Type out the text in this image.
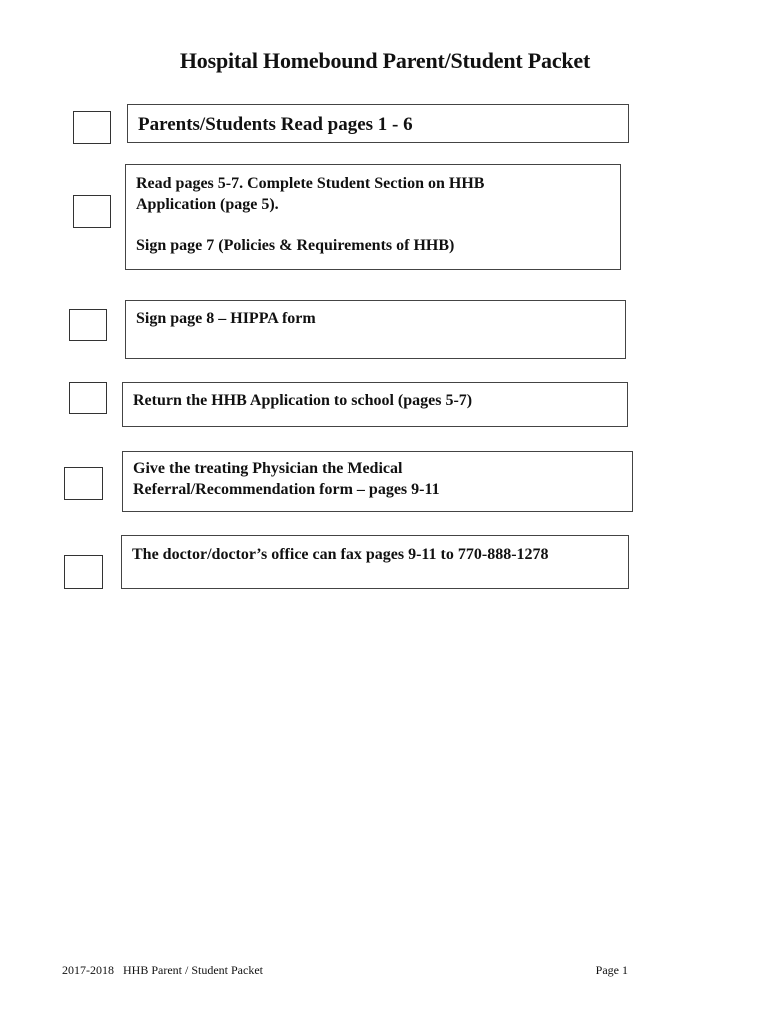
Hospital Homebound Parent/Student Packet
Parents/Students Read pages 1 - 6
Read pages 5-7. Complete Student Section on HHB
Application (page 5).
Sign page 7 (Policies & Requirements of HHB)
Sign page 8 – HIPPA form
Return the HHB Application to school (pages 5-7)
Give the treating Physician the Medical
Referral/Recommendation form – pages 9-11
The doctor/doctor’s office can fax pages 9-11 to 770-888-1278
2017-2018   HHB Parent / Student Packet	Page 1
